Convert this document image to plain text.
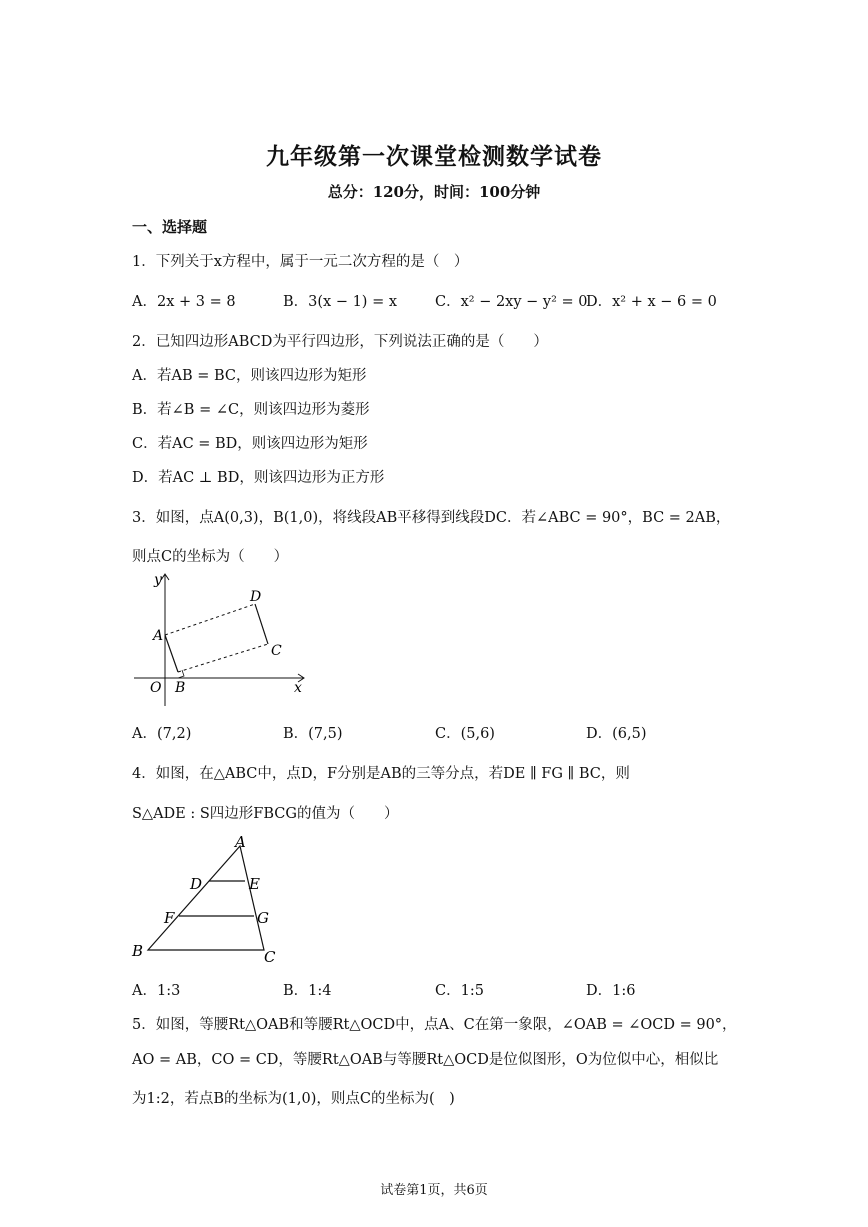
九年级第一次课堂检测数学试卷
总分：120分，时间：100分钟
一、选择题
1．下列关于x方程中，属于一元二次方程的是（　）
A．2x + 3 = 8	B．3(x − 1) = x	C．x² − 2xy − y² = 0
D．x² + x − 6 = 0
2．已知四边形ABCD为平行四边形，下列说法正确的是（　　）
A．若AB = BC，则该四边形为矩形
B．若∠B = ∠C，则该四边形为菱形
C．若AC = BD，则该四边形为矩形
D．若AC ⊥ BD，则该四边形为正方形
3．如图，点A(0,3)，B(1,0)，将线段AB平移得到线段DC．若∠ABC = 90°，BC = 2AB，
则点C的坐标为（　　）
y
x
O
A
B
C
D
A．(7,2)	B．(7,5)	C．(5,6)	D．(6,5)
4．如图，在△ABC中，点D，F分别是AB的三等分点，若DE ∥ FG ∥ BC，则
S△ADE : S四边形FBCG的值为（　　）
A
D	E
F	G
B	C
A．1:3	B．1:4	C．1:5	D．1:6
5．如图，等腰Rt△OAB和等腰Rt△OCD中，点A、C在第一象限，∠OAB = ∠OCD = 90°，
AO = AB，CO = CD，等腰Rt△OAB与等腰Rt△OCD是位似图形，O为位似中心，相似比
为1:2，若点B的坐标为(1,0)，则点C的坐标为(　)
试卷第1页，共6页
